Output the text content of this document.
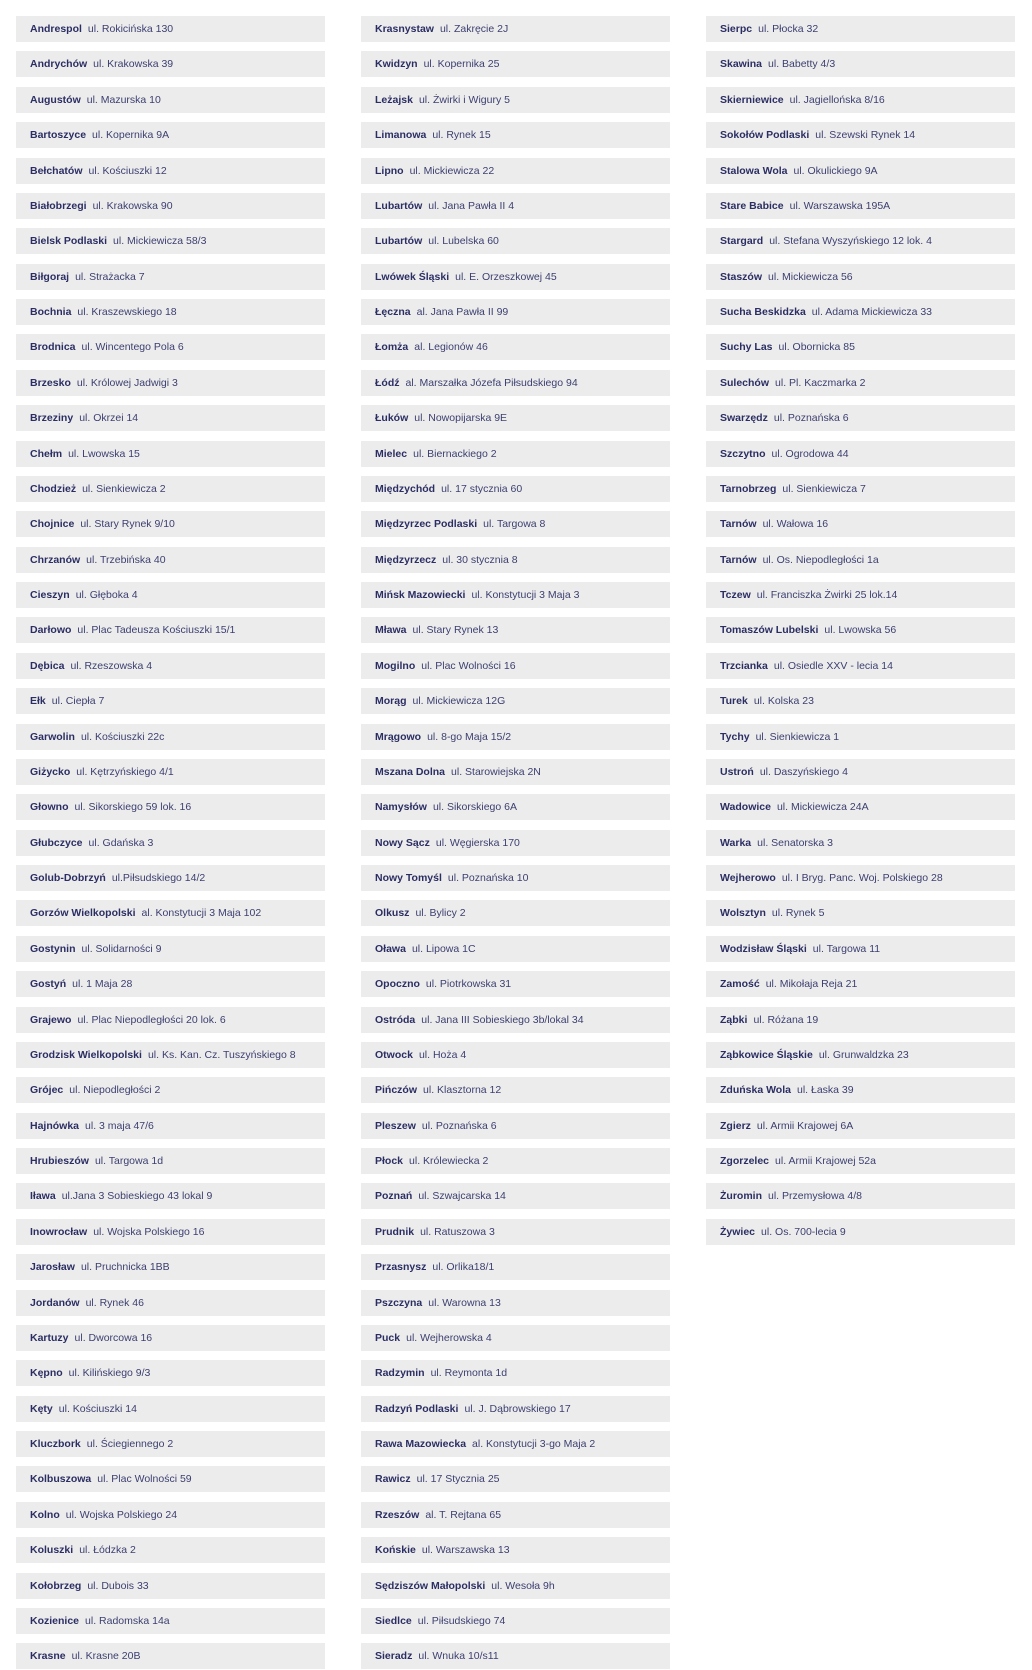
Andrespol ul. Rokicińska 130
Andrychów ul. Krakowska 39
Augustów ul. Mazurska 10
Bartoszyce ul. Kopernika 9A
Bełchatów ul. Kościuszki 12
Białobrzegi ul. Krakowska 90
Bielsk Podlaski ul. Mickiewicza 58/3
Biłgoraj ul. Strażacka 7
Bochnia ul. Kraszewskiego 18
Brodnica ul. Wincentego Pola 6
Brzesko ul. Królowej Jadwigi 3
Brzeziny ul. Okrzei 14
Chełm ul. Lwowska 15
Chodzież ul. Sienkiewicza 2
Chojnice ul. Stary Rynek 9/10
Chrzanów ul. Trzebińska 40
Cieszyn ul. Głęboka 4
Darłowo ul. Plac Tadeusza Kościuszki 15/1
Dębica ul. Rzeszowska 4
Ełk ul. Ciepła 7
Garwolin ul. Kościuszki 22c
Giżycko ul. Kętrzyńskiego 4/1
Głowno ul. Sikorskiego 59 lok. 16
Głubczyce ul. Gdańska 3
Golub-Dobrzyń ul.Piłsudskiego 14/2
Gorzów Wielkopolski al. Konstytucji 3 Maja 102
Gostynin ul. Solidarności 9
Gostyń ul. 1 Maja 28
Grajewo ul. Plac Niepodległości 20 lok. 6
Grodzisk Wielkopolski ul. Ks. Kan. Cz. Tuszyńskiego 8
Grójec ul. Niepodległości 2
Hajnówka ul. 3 maja 47/6
Hrubieszów ul. Targowa 1d
Iława ul.Jana 3 Sobieskiego 43 lokal 9
Inowrocław ul. Wojska Polskiego 16
Jarosław ul. Pruchnicka 1BB
Jordanów ul. Rynek 46
Kartuzy ul. Dworcowa 16
Kępno ul. Kilińskiego 9/3
Kęty ul. Kościuszki 14
Kluczbork ul. Ściegiennego 2
Kolbuszowa ul. Plac Wolności 59
Kolno ul. Wojska Polskiego 24
Koluszki ul. Łódzka 2
Kołobrzeg ul. Dubois 33
Kozienice ul. Radomska 14a
Krasne ul. Krasne 20B
Krasnystaw ul. Zakręcie 2J
Kwidzyn ul. Kopernika 25
Leżajsk ul. Żwirki i Wigury 5
Limanowa ul. Rynek 15
Lipno ul. Mickiewicza 22
Lubartów ul. Jana Pawła II 4
Lubartów ul. Lubelska 60
Lwówek Śląski ul. E. Orzeszkowej 45
Łęczna al. Jana Pawła II 99
Łomża al. Legionów 46
Łódź al. Marszałka Józefa Piłsudskiego 94
Łuków ul. Nowopijarska 9E
Mielec ul. Biernackiego 2
Międzychód ul. 17 stycznia 60
Międzyrzec Podlaski ul. Targowa 8
Międzyrzecz ul. 30 stycznia 8
Mińsk Mazowiecki ul. Konstytucji 3 Maja 3
Mława ul. Stary Rynek 13
Mogilno ul. Plac Wolności 16
Morąg ul. Mickiewicza 12G
Mrągowo ul. 8-go Maja 15/2
Mszana Dolna ul. Starowiejska 2N
Namysłów ul. Sikorskiego 6A
Nowy Sącz ul. Węgierska 170
Nowy Tomyśl ul. Poznańska 10
Olkusz ul. Bylicy 2
Oława ul. Lipowa 1C
Opoczno ul. Piotrkowska 31
Ostróda ul. Jana III Sobieskiego 3b/lokal 34
Otwock ul. Hoża 4
Pińczów ul. Klasztorna 12
Pleszew ul. Poznańska 6
Płock ul. Królewiecka 2
Poznań ul. Szwajcarska 14
Prudnik ul. Ratuszowa 3
Przasnysz ul. Orlika18/1
Pszczyna ul. Warowna 13
Puck ul. Wejherowska 4
Radzymin ul. Reymonta 1d
Radzyń Podlaski ul. J. Dąbrowskiego 17
Rawa Mazowiecka al. Konstytucji 3-go Maja 2
Rawicz ul. 17 Stycznia 25
Rzeszów al. T. Rejtana 65
Końskie ul. Warszawska 13
Sędziszów Małopolski ul. Wesoła 9h
Siedlce ul. Piłsudskiego 74
Sieradz ul. Wnuka 10/s11
Sierpc ul. Płocka 32
Skawina ul. Babetty 4/3
Skierniewice ul. Jagiellońska 8/16
Sokołów Podlaski ul. Szewski Rynek 14
Stalowa Wola ul. Okulickiego 9A
Stare Babice ul. Warszawska 195A
Stargard ul. Stefana Wyszyńskiego 12 lok. 4
Staszów ul. Mickiewicza 56
Sucha Beskidzka ul. Adama Mickiewicza 33
Suchy Las ul. Obornicka 85
Sulechów ul. Pl. Kaczmarka 2
Swarzędz ul. Poznańska 6
Szczytno ul. Ogrodowa 44
Tarnobrzeg ul. Sienkiewicza 7
Tarnów ul. Wałowa 16
Tarnów ul. Os. Niepodległości 1a
Tczew ul. Franciszka Żwirki 25 lok.14
Tomaszów Lubelski ul. Lwowska 56
Trzcianka ul. Osiedle XXV - lecia 14
Turek ul. Kolska 23
Tychy ul. Sienkiewicza 1
Ustroń ul. Daszyńskiego 4
Wadowice ul. Mickiewicza 24A
Warka ul. Senatorska 3
Wejherowo ul. I Bryg. Panc. Woj. Polskiego 28
Wolsztyn ul. Rynek 5
Wodzisław Śląski ul. Targowa 11
Zamość ul. Mikołaja Reja 21
Ząbki ul. Różana 19
Ząbkowice Śląskie ul. Grunwaldzka 23
Zduńska Wola ul. Łaska 39
Zgierz ul. Armii Krajowej 6A
Zgorzelec ul. Armii Krajowej 52a
Żuromin ul. Przemysłowa 4/8
Żywiec ul. Os. 700-lecia 9
